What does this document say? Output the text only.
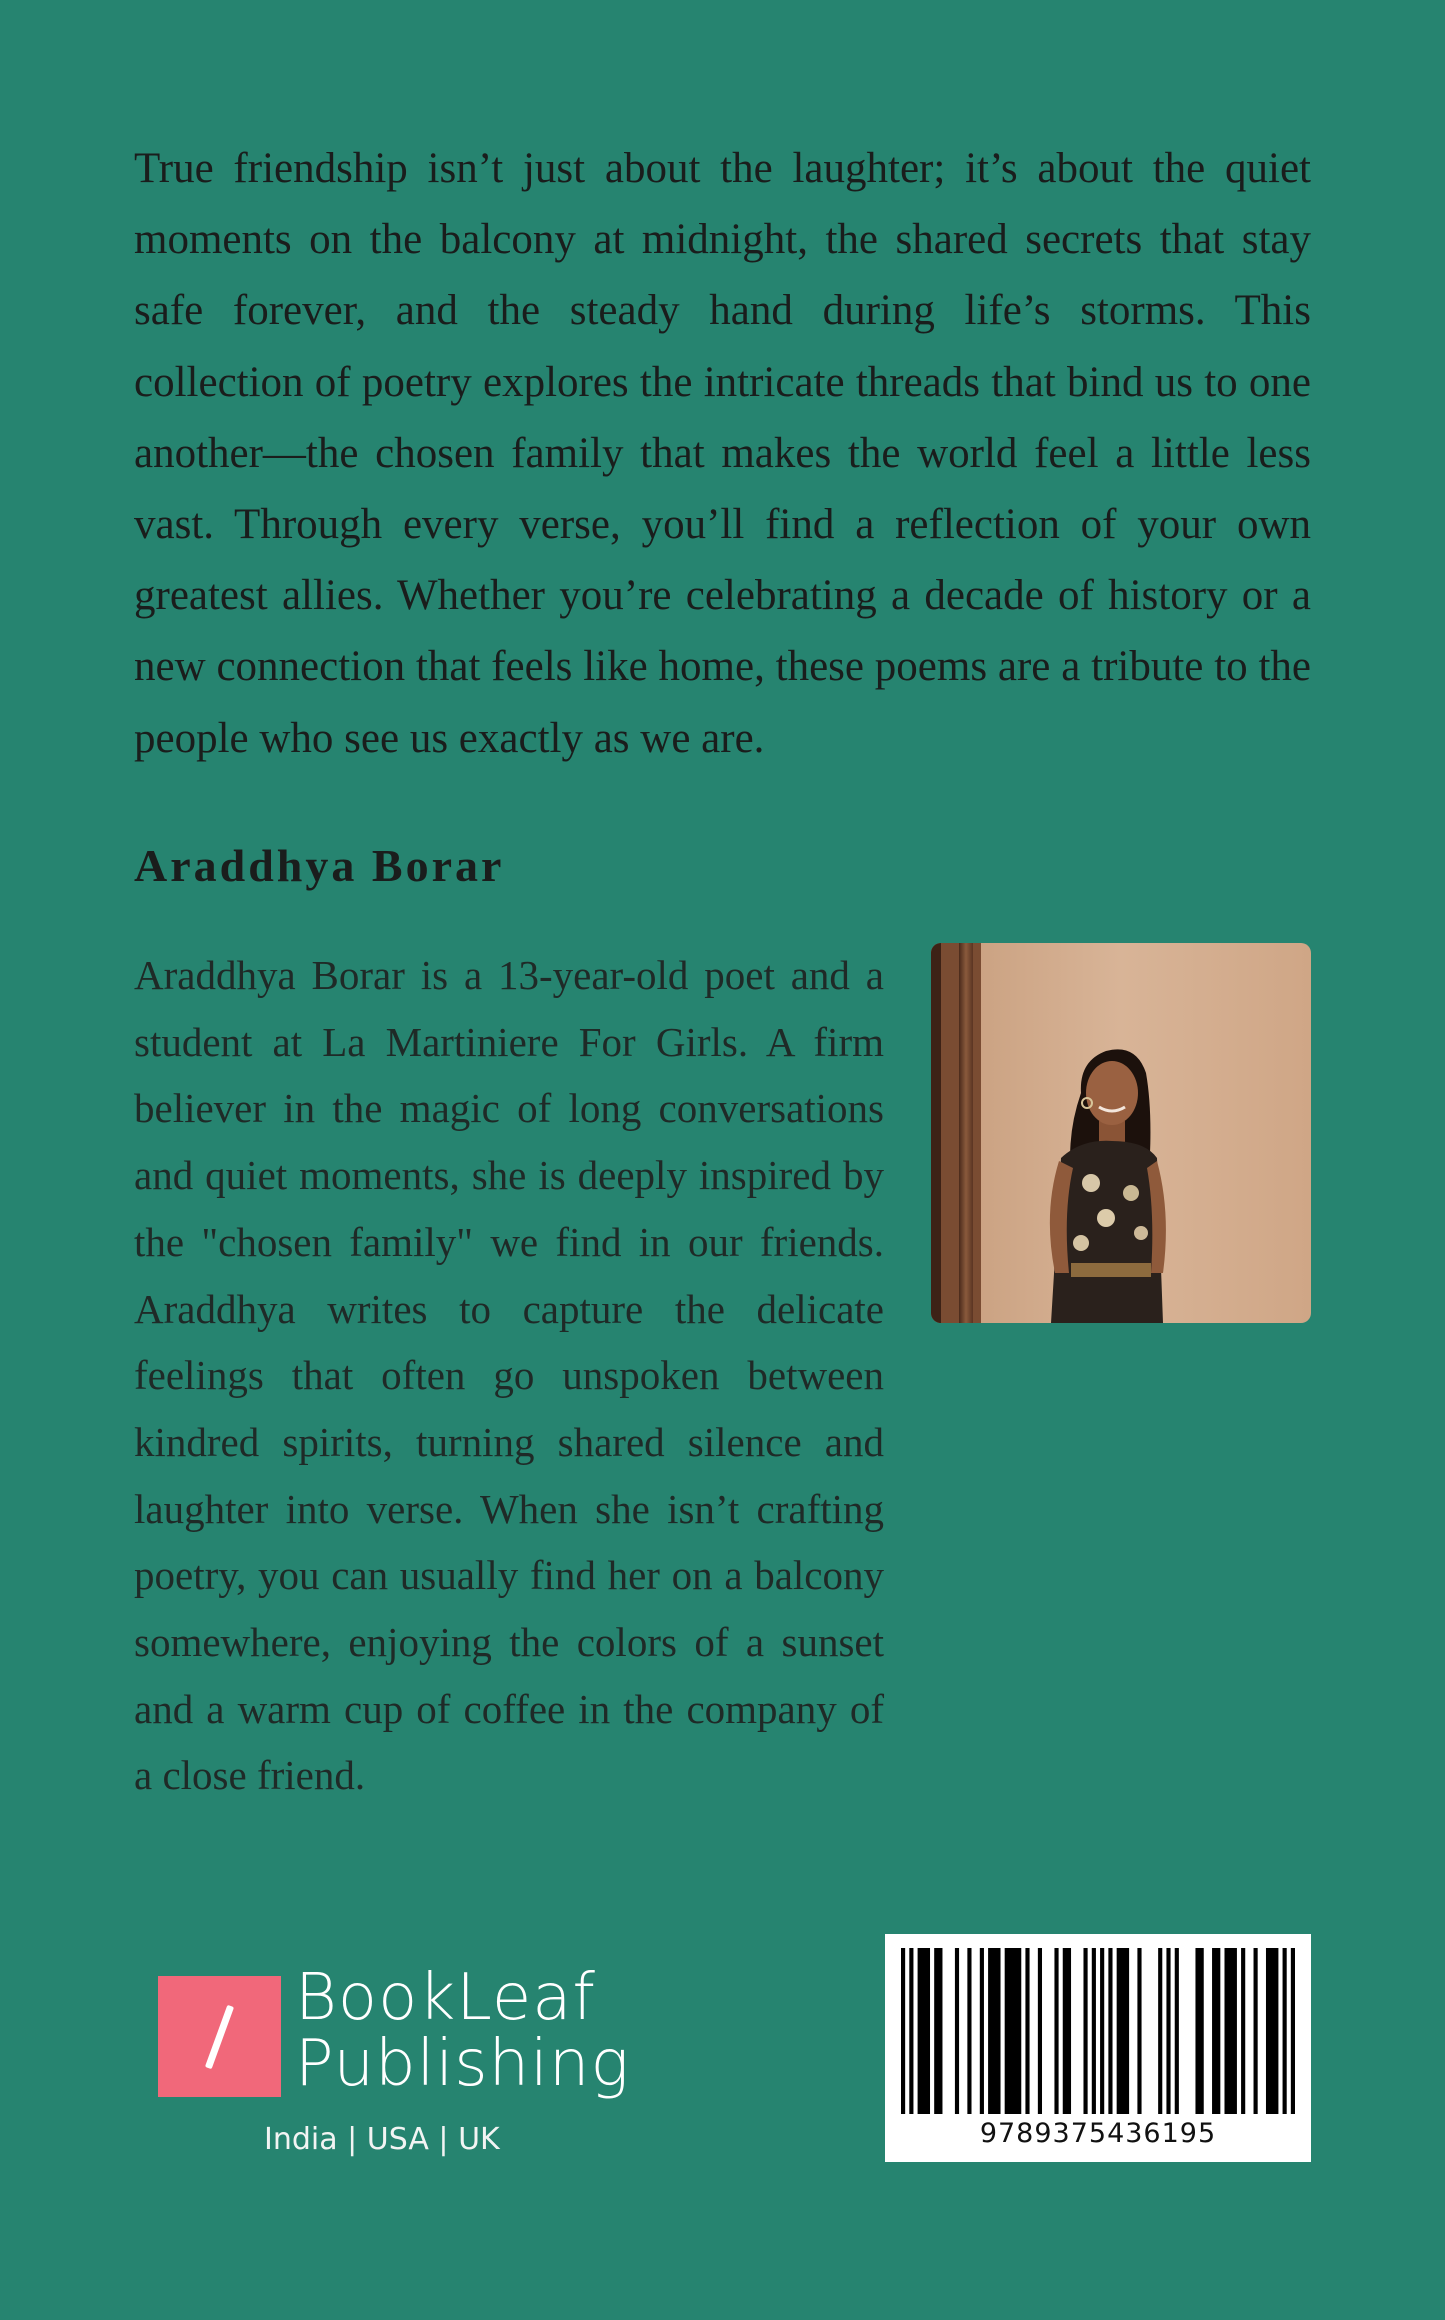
True friendship isn’t just about the laughter; it’s about the quiet moments on the balcony at midnight, the shared secrets that stay safe forever, and the steady hand during life’s storms. This collection of poetry explores the intricate threads that bind us to one another—the chosen family that makes the world feel a little less vast. Through every verse, you’ll find a reflection of your own greatest allies. Whether you’re celebrating a decade of history or a new connection that feels like home, these poems are a tribute to the people who see us exactly as we are.

Araddhya Borar

Araddhya Borar is a 13-year-old poet and a student at La Martiniere For Girls. A firm believer in the magic of long conversations and quiet moments, she is deeply inspired by the "chosen family" we find in our friends. Araddhya writes to capture the delicate feelings that often go unspoken between kindred spirits, turning shared silence and laughter into verse. When she isn’t crafting poetry, you can usually find her on a balcony somewhere, enjoying the colors of a sunset and a warm cup of coffee in the company of a close friend.

BookLeaf
Publishing
India | USA | UK	9789375436195
